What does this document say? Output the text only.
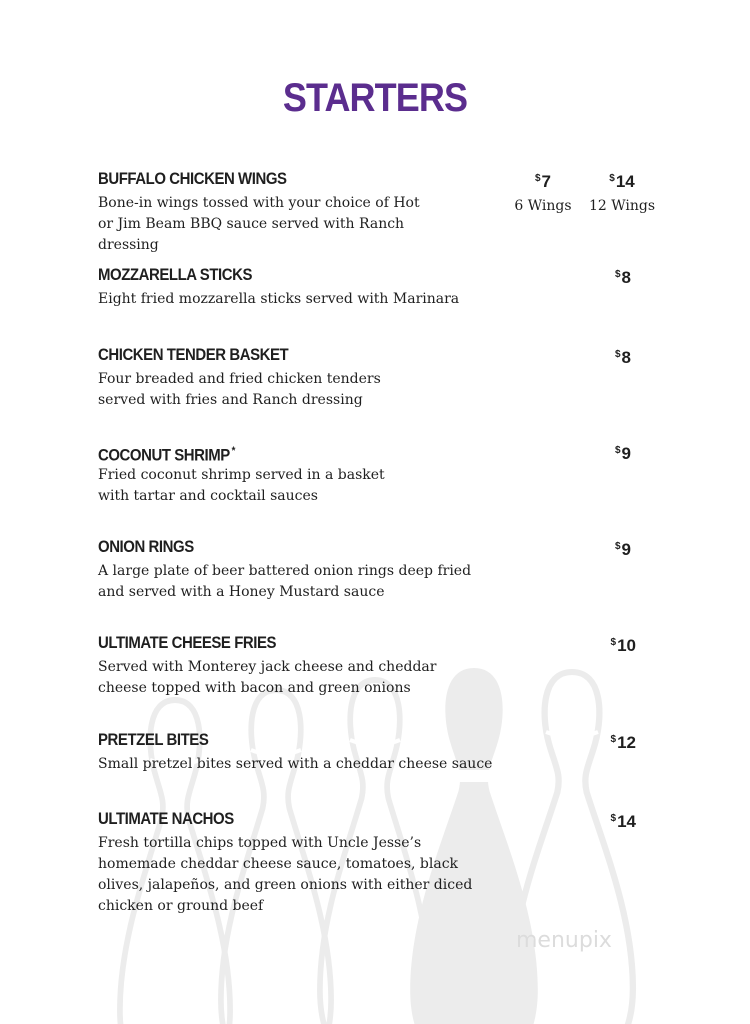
STARTERS
BUFFALO CHICKEN WINGS
Bone-in wings tossed with your choice of Hot or Jim Beam BBQ sauce served with Ranch dressing
$7
6 Wings
$14
12 Wings
MOZZARELLA STICKS
Eight fried mozzarella sticks served with Marinara
$8
CHICKEN TENDER BASKET
Four breaded and fried chicken tenders served with fries and Ranch dressing
$8
COCONUT SHRIMP *
Fried coconut shrimp served in a basket with tartar and cocktail sauces
$9
ONION RINGS
A large plate of beer battered onion rings deep fried and served with a Honey Mustard sauce
$9
ULTIMATE CHEESE FRIES
Served with Monterey jack cheese and cheddar cheese topped with bacon and green onions
$10
PRETZEL BITES
Small pretzel bites served with a cheddar cheese sauce
$12
ULTIMATE NACHOS
Fresh tortilla chips topped with Uncle Jesse’s homemade cheddar cheese sauce, tomatoes, black olives, jalapeños, and green onions with either diced chicken or ground beef
$14
menupix
